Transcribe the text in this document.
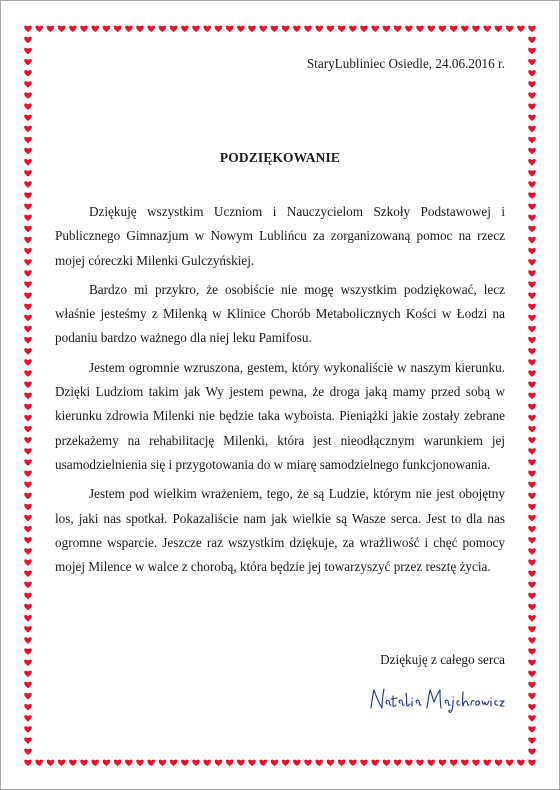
StaryLubliniec Osiedle, 24.06.2016 r.
PODZIĘKOWANIE

Dziękuję wszystkim Uczniom i Nauczycielom Szkoły Podstawowej i Publicznego Gimnazjum w Nowym Lublińcu za zorganizowaną pomoc na rzecz mojej córeczki Milenki Gulczyńskiej.

Bardzo mi przykro, że osobiście nie mogę wszystkim podziękować, lecz właśnie jesteśmy z Milenką w Klinice Chorób Metabolicznych Kości w Łodzi na podaniu bardzo ważnego dla niej leku Pamifosu.

Jestem ogromnie wzruszona, gestem, który wykonaliście w naszym kierunku. Dzięki Ludziom takim jak Wy jestem pewna, że droga jaką mamy przed sobą w kierunku zdrowia Milenki nie będzie taka wyboista. Pieniążki jakie zostały zebrane przekażemy na rehabilitację Milenki, która jest nieodłącznym warunkiem jej usamodzielnienia się i przygotowania do w miarę samodzielnego funkcjonowania.

Jestem pod wielkim wrażeniem, tego, że są Ludzie, którym nie jest obojętny los, jaki nas spotkał. Pokazaliście nam jak wielkie są Wasze serca. Jest to dla nas ogromne wsparcie. Jeszcze raz wszystkim dziękuje, za wrażliwość i chęć pomocy mojej Milence w walce z chorobą, która będzie jej towarzyszyć przez resztę życia.

Dziękuję z całego serca
